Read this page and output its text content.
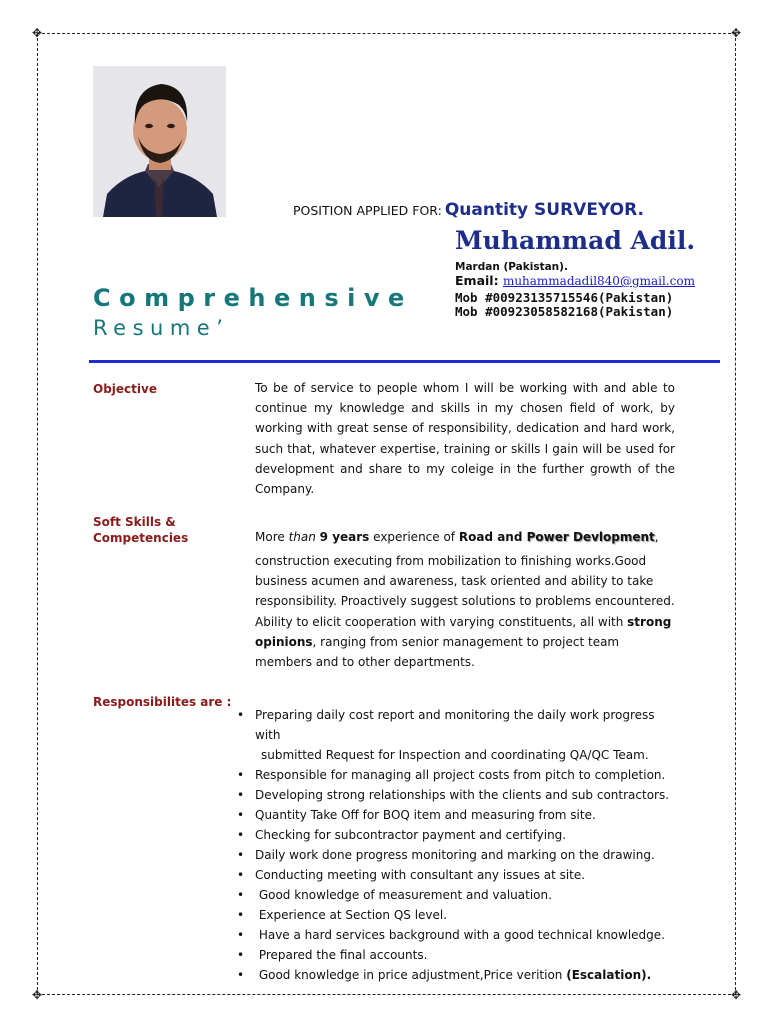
✥	✥
✥	✥
POSITION APPLIED FOR: Quantity SURVEYOR.
Muhammad Adil.
Mardan (Pakistan).
Email: muhammadadil840@gmail.com
Mob #00923135715546(Pakistan)
Mob #00923058582168(Pakistan)
Comprehensive
Resume’
Objective	To be of service to people whom I will be working with and able to continue my knowledge and skills in my chosen field of work, by working with great sense of responsibility, dedication and hard work, such that, whatever expertise, training or skills I gain will be used for development and share to my coleige in the further growth of the Company.
Soft Skills &
Competencies	More than 9 years experience of Road and Power Devlopment,
construction executing from mobilization to finishing works.Good business acumen and awareness, task oriented and ability to take responsibility. Proactively suggest solutions to problems encountered. Ability to elicit cooperation with varying constituents, all with strong opinions, ranging from senior management to project team members and to other departments.
Responsibilites are :
• Preparing daily cost report and monitoring the daily work progress with
submitted Request for Inspection and coordinating QA/QC Team.
• Responsible for managing all project costs from pitch to completion.
• Developing strong relationships with the clients and sub contractors.
• Quantity Take Off for BOQ item and measuring from site.
• Checking for subcontractor payment and certifying.
• Daily work done progress monitoring and marking on the drawing.
• Conducting meeting with consultant any issues at site.
•  Good knowledge of measurement and valuation.
•  Experience at Section QS level.
•  Have a hard services background with a good technical knowledge.
•  Prepared the final accounts.
•  Good knowledge in price adjustment,Price verition (Escalation).
